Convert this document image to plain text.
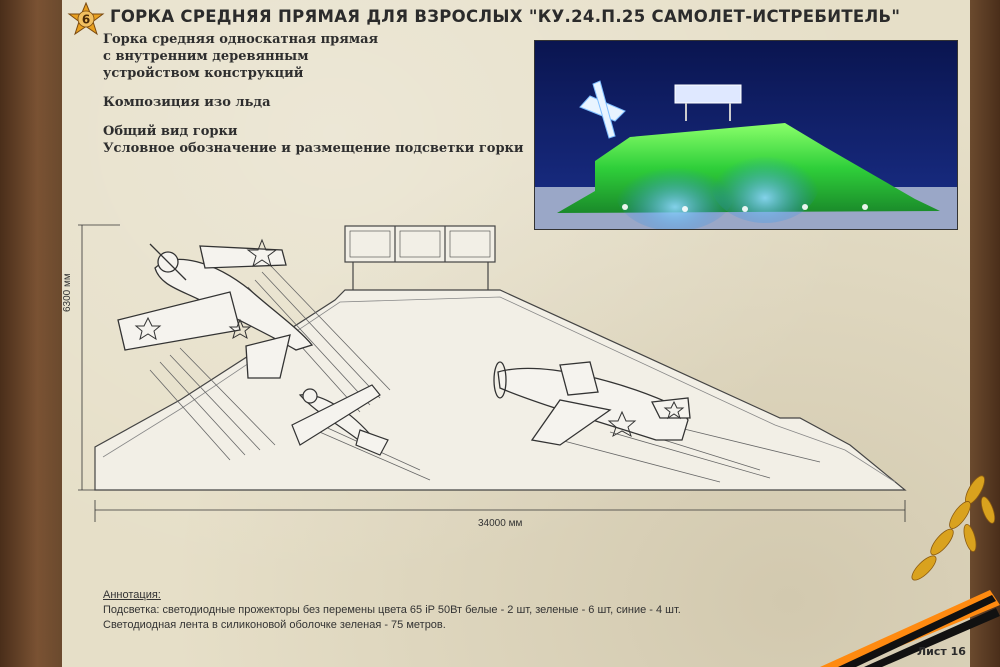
6 ГОРКА СРЕДНЯЯ ПРЯМАЯ ДЛЯ ВЗРОСЛЫХ "КУ.24.П.25 САМОЛЕТ-ИСТРЕБИТЕЛЬ"
Горка средняя односкатная прямая
с внутренним деревянным
устройством конструкций
Композиция изо льда
Общий вид горки
Условное обозначение и размещение подсветки горки
6300 мм
34000 мм
Аннотация:
Подсветка: светодиодные прожекторы без перемены цвета 65 iP 50Вт белые - 2 шт, зеленые - 6 шт, синие - 4 шт.
Светодиодная лента в силиконовой оболочке зеленая - 75 метров.
Лист 16
